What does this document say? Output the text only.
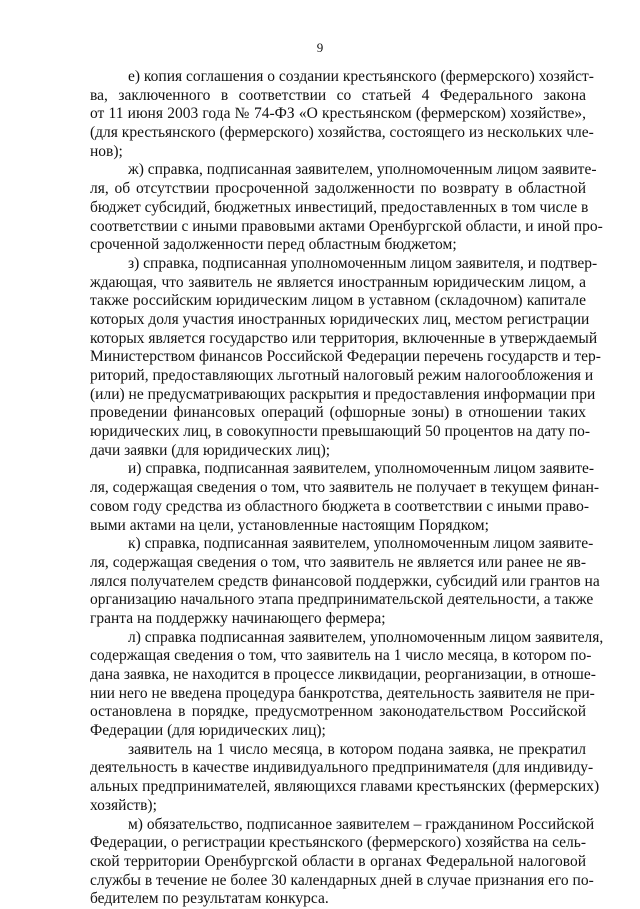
9
е) копия соглашения о создании крестьянского (фермерского) хозяйст-
ва, заключенного в соответствии со статьей 4 Федерального закона
от 11 июня 2003 года № 74-ФЗ «О крестьянском (фермерском) хозяйстве»,
(для крестьянского (фермерского) хозяйства, состоящего из нескольких чле-
нов);
ж) справка, подписанная заявителем, уполномоченным лицом заявите-
ля, об отсутствии просроченной задолженности по возврату в областной
бюджет субсидий, бюджетных инвестиций, предоставленных в том числе в
соответствии с иными правовыми актами Оренбургской области, и иной про-
сроченной задолженности перед областным бюджетом;
з) справка, подписанная уполномоченным лицом заявителя, и подтвер-
ждающая, что заявитель не является иностранным юридическим лицом, а
также российским юридическим лицом в уставном (складочном) капитале
которых доля участия иностранных юридических лиц, местом регистрации
которых является государство или территория, включенные в утверждаемый
Министерством финансов Российской Федерации перечень государств и тер-
риторий, предоставляющих льготный налоговый режим налогообложения и
(или) не предусматривающих раскрытия и предоставления информации при
проведении финансовых операций (офшорные зоны) в отношении таких
юридических лиц, в совокупности превышающий 50 процентов на дату по-
дачи заявки (для юридических лиц);
и) справка, подписанная заявителем, уполномоченным лицом заявите-
ля, содержащая сведения о том, что заявитель не получает в текущем финан-
совом году средства из областного бюджета в соответствии с иными право-
выми актами на цели, установленные настоящим Порядком;
к) справка, подписанная заявителем, уполномоченным лицом заявите-
ля, содержащая сведения о том, что заявитель не является или ранее не яв-
лялся получателем средств финансовой поддержки, субсидий или грантов на
организацию начального этапа предпринимательской деятельности, а также
гранта на поддержку начинающего фермера;
л) справка подписанная заявителем, уполномоченным лицом заявителя,
содержащая сведения о том, что заявитель на 1 число месяца, в котором по-
дана заявка, не находится в процессе ликвидации, реорганизации, в отноше-
нии него не введена процедура банкротства, деятельность заявителя не при-
остановлена в порядке, предусмотренном законодательством Российской
Федерации (для юридических лиц);
заявитель на 1 число месяца, в котором подана заявка, не прекратил
деятельность в качестве индивидуального предпринимателя (для индивиду-
альных предпринимателей, являющихся главами крестьянских (фермерских)
хозяйств);
м) обязательство, подписанное заявителем – гражданином Российской
Федерации, о регистрации крестьянского (фермерского) хозяйства на сель-
ской территории Оренбургской области в органах Федеральной налоговой
службы в течение не более 30 календарных дней в случае признания его по-
бедителем по результатам конкурса.
